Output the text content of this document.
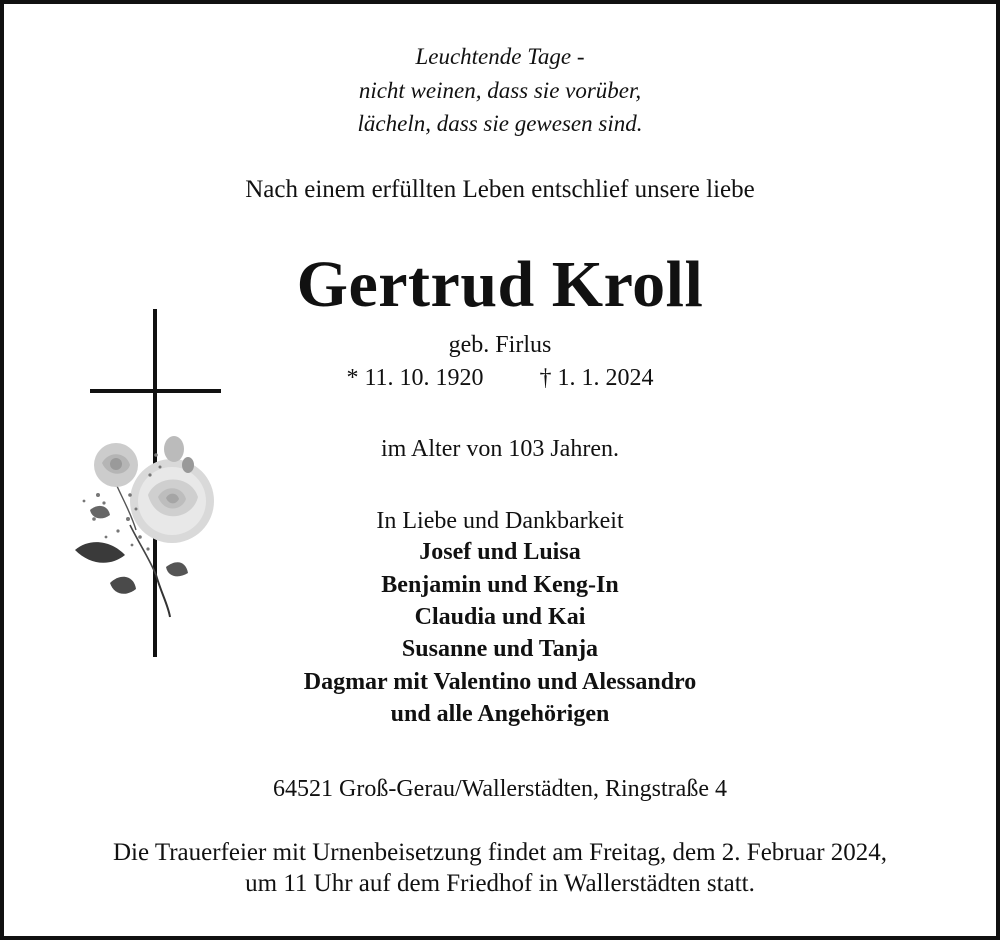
Leuchtende Tage -
nicht weinen, dass sie vorüber,
lächeln, dass sie gewesen sind.
Nach einem erfüllten Leben entschlief unsere liebe
Gertrud Kroll
geb. Firlus
* 11. 10. 1920 † 1. 1. 2024
im Alter von 103 Jahren.
In Liebe und Dankbarkeit
Josef und Luisa
Benjamin und Keng-In
Claudia und Kai
Susanne und Tanja
Dagmar mit Valentino und Alessandro
und alle Angehörigen
64521 Groß-Gerau/Wallerstädten, Ringstraße 4
Die Trauerfeier mit Urnenbeisetzung findet am Freitag, dem 2. Februar 2024,
um 11 Uhr auf dem Friedhof in Wallerstädten statt.
